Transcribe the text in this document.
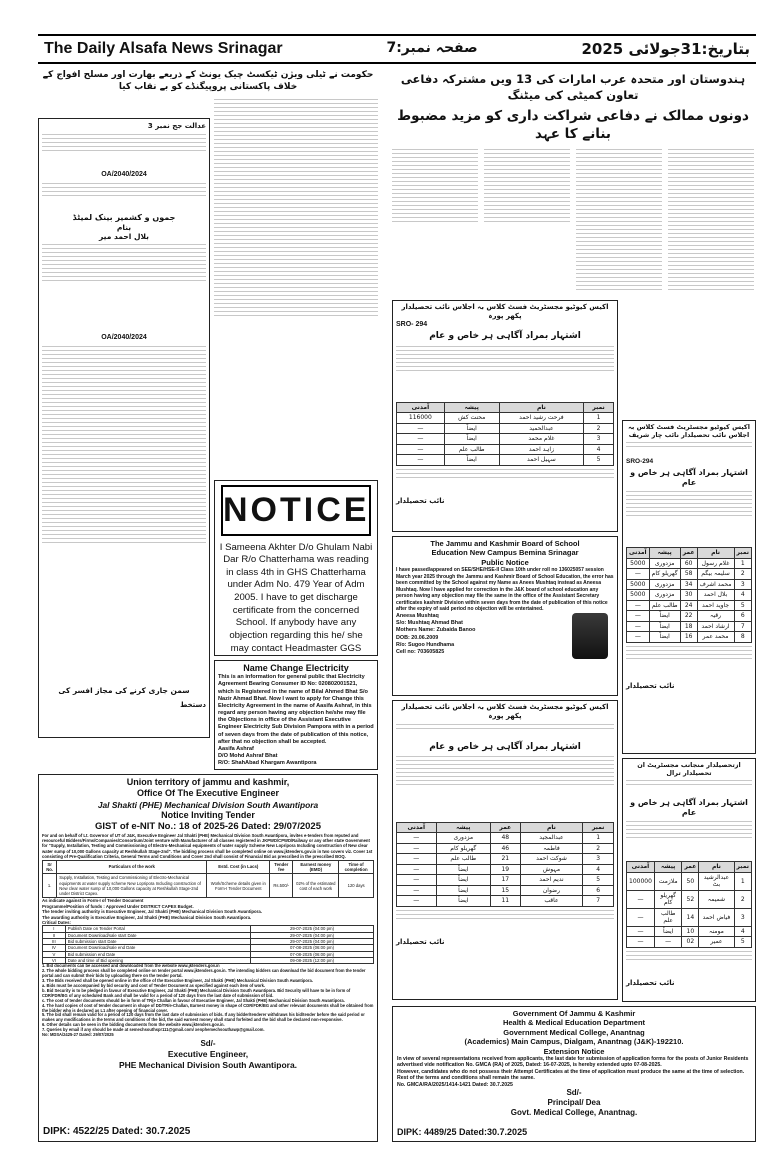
The Daily Alsafa News Srinagar	صفحہ نمبر:7	بتاریخ:31جولائی 2025
حکومت نے ٹیلی ویژن ٹیکسٹ چیک یونٹ کے ذریعے بھارت اور مسلح افواج کے خلاف پاکستانی پروپیگنڈے کو بے نقاب کیا
عدالت جج نمبر 3
OA/2040/2024
جموں و کشمیر بینک لمیٹڈ
بنام
بلال احمد میر
OA/2040/2024
سمن جاری کرنے کی مجاز افسر کی
دستخط
NOTICE
I Sameena Akhter D/o Ghulam Nabi Dar R/o Chatterhama was reading in class 4th in GHS Chatterhama under Adm No. 479 Year of Adm 2005. I have to get discharge certificate from the concerned School. If anybody have any objection regarding this he/ she may contact Headmaster GGS
Name Change Electricity
This is an information for general public that Electricity Agreement Bearing Consumer ID No: 020802001521, which is Registered in the name of Bilal Ahmed Bhat S/o Nazir Ahmad Bhat. Now I want to apply for Change this Electricity Agreement in the name of Aasifa Ashraf, in this regard any person having any objection he/she may file the Objections in office of the Assistant Executive Engineer Electricity Sub Division Pampora with in a period of seven days from the date of publication of this notice, after that no objection shall be accepted.
Aasifa Ashraf
D/O Mohd Ashraf Bhat
R/O: ShahAbad Khargam Awantipora
Union territory of jammu and kashmir,
Office Of The Executive Engineer
Jal Shakti (PHE) Mechanical Division South Awantipora
Notice Inviting Tender
GIST of e-NIT No.: 18 of 2025-26 Dated: 29/07/2025
For and on behalf of Lt. Governor of UT of J&K, Executive Engineer Jal Shakti (PHE) Mechanical Division South Awantipora, invites e-tenders from reputed and resourceful Bidders/Firms/Companies/Consortium/Joint venture with Manufacturer of all classes registered in JKPWD/CPWD/Railway or any other state Government for "Supply, Installation, Testing and Commissioning of Electro-Mechanical equipments of water supply Scheme New Lopripora Including construction of New clear water sump of 10,000 Gallons capacity at Reshkullah Stage-2nd". The bidding process shall be completed online on www.jktenders.gov.in in two covers viz. Cover 1st consisting of Pre-Qualification Criteria, General Terms and Conditions and Cover 2nd shall consist of Financial Bid as prescribed in the prescribed BOQ.
Sr No.	Particulars of the work	Estd. Cost (in Lacs)	Tender fee	Earnest money (EMD)	Time of completion
1.	Supply, Installation, Testing and Commissioning of Electro-Mechanical equipments at water supply scheme New Lopripora Including construction of New clear water sump of 10,000 Gallons capacity at Reshkullah Stage-2nd under District Capex.	Work/Scheme details given in Form-I Tender Document	Rs.500/-	02% of the estimated cost of each work	120 days
As indicate against in Form-I of Tender Document
Programme/Position of funds : Approved Under DISTRICT CAPEX Budget.
The tender inviting authority is Executive Engineer, Jal Shakti (PHE) Mechanical Division South Awantipora.
The awarding authority is Executive Engineer, Jal Shakti (PHE) Mechanical Division South Awantipora.
Critical Dates:
I	Publish Date on Tender Portal	29-07-2025 (04:00 pm)
II	Document Download/sale start Date	29-07-2025 (04:00 pm)
III	Bid submission start Date	29-07-2025 (04:00 pm)
IV	Document Download/sale end Date	07-08-2025 (06:00 pm)
V	Bid submission end Date	07-08-2025 (06:00 pm)
VI	Date and time of Bid opening	09-08-2025 (12:00 pm)
1. Bid documents can be accessed and downloaded from the website www.jktenders.gov.in
2. The whole bidding process shall be completed online on tender portal www.jktenders.gov.in. The intending bidders can download the bid document from the tender portal and can submit their bids by uploading there on the tender portal.
3. The Bids received shall be opened online in the office of the Executive Engineer, Jal Shakti (PHE) Mechanical Division South Awantipora.
a. Bids must be accompanied by bid security and cost of Tender Document as specified against each item of work.
b. Bid Security is to be pledged in favour of Executive Engineer, Jal Shakti (PHE) Mechanical Division South Awantipora. Bid Security will have to be in form of CDR/FDR/BG of any scheduled Bank and shall be valid for a period of 120 days from the last date of submission of bid.
c. The cost of tender documents should be in form of TR(e Challan in favour of Executive Engineer, Jal Shakti (PHE) Mechanical Division South Awantipora.
4. The hard copies of cost of tender document in shape of DD/TR/e-Challan, Earnest money in shape of CDR/FDR/BG and other relevant documents shall be obtained from the bidder who is declared as L1 after opening of financial cover.
5. The bid shall remain valid for a period of 120 days from the last date of submission of bids. If any bidder/tenderer withdraws his bid/tender before the said period or makes any modifications in the terms and conditions of the bid, the said earnest money shall stand forfeited and the bid shall be declared non-responsive.
6. Other details can be seen in the bidding documents from the website www.jktenders.gov.in.
7. Queries by email if any should be made at semechsouthspr111@gmail.com/ xenphemechsouthawp@gmail.com.
No: MDSA/2425-27 Dated: 29/07/2025
Sd/-
Executive Engineer,
PHE Mechanical Division South Awantipora.
DIPK: 4522/25 Dated: 30.7.2025
ہندوستان اور متحدہ عرب امارات کی 13 ویں مشترکہ دفاعی تعاون کمیٹی کی میٹنگ
دونوں ممالک نے دفاعی شراکت داری کو مزید مضبوط بنانے کا عہد
اکیس کیوٹیو مجسٹریٹ فسٹ کلاس بہ اجلاس نائب تحصیلدار پکھر پورہ
SRO- 294
اشتہار بمراد آگاہی ہر خاص و عام
نمبر	نام	پیشہ	آمدنی
1	فرحت رشید احمد	محنت کش	116000
2	عبدالحمید	ایضاً	—
3	غلام محمد	ایضاً	—
4	زاہد احمد	طالب علم	—
5	سہیل احمد	ایضاً	—
نائب تحصیلدار
The Jammu and Kashmir Board of School
Education New Campus Bemina Srinagar
Public Notice
I have passed/appeared on SEE/SHE/HSE-II Class 10th under roll no 136025057 session March year 2025 through the Jammu and Kashmir Board of School Education, the error has been committed by the School against my Name as Anees Mushtaq instead as Aneesa Mushtaq. Now I have applied for correction in the J&K board of school education any person having any objection may file the same in the office of the Assistant Secretary certificates kashmir Division within seven days from the date of publication of this notice after the expiry of said period no objection will be entertained.
Aneesa Mushtaq
S/o: Mushtaq Ahmad Bhat
Mothers Name: Zubaida Banoo
DOB: 20.06.2009
R/o: Sugoo Hundhama
Cell no: 703605825
اکیس کیوٹیو مجسٹریٹ فسٹ کلاس بہ اجلاس نائب تحصیلدار پکھر پورہ
اشتہار بمراد آگاہی ہر خاص و عام
نمبر	نام	عمر	پیشہ	آمدنی
1	عبدالمجید	48	مزدوری	—
2	فاطمہ	46	گھریلو کام	—
3	شوکت احمد	21	طالب علم	—
4	مہوش	19	ایضاً	—
5	ندیم احمد	17	ایضاً	—
6	رضوان	15	ایضاً	—
7	عاقب	11	ایضاً	—
نائب تحصیلدار
اکیس کیوٹیو مجسٹریٹ فسٹ کلاس بہ اجلاس نائب تحصیلدار نائب چار شریف
SRO-294
اشتہار بمراد آگاہی ہر خاص و عام
نمبر	نام	عمر	پیشہ	آمدنی
1	غلام رسول	60	مزدوری	5000
2	سلیمہ بیگم	58	گھریلو کام	—
3	محمد اشرف	34	مزدوری	5000
4	بلال احمد	30	مزدوری	5000
5	جاوید احمد	24	طالب علم	—
6	رقیہ	22	ایضاً	—
7	ارشاد احمد	18	ایضاً	—
8	محمد عمر	16	ایضاً	—
نائب تحصیلدار
ازتحصیلدار منجانب مجسٹریٹ ان تحصیلدار ترال
اشتہار بمراد آگاہی ہر خاص و عام
نمبر	نام	عمر	پیشہ	آمدنی
1	عبدالرشید بٹ	50	ملازمت	100000
2	شمیمہ	52	گھریلو کام	—
3	فیاض احمد	14	طالب علم	—
4	مومنہ	10	ایضاً	—
5	عمیر	02	—	—
نائب تحصیلدار
Government Of Jammu & Kashmir
Health & Medical Education Department
Government Medical College, Anantnag
(Academics) Main Campus, Dialgam, Anantnag (J&K)-192210.
Extension Notice
In view of several representations received from applicants, the last date for submission of application forms for the posts of Junior Residents advertised vide notification No. GMCA (RA) of 2025, Dated: 16-07-2025, is hereby extended upto 07-08-2025.
However, candidates who do not possess their Attempt Certificates at the time of application must produce the same at the time of selection.
Rest of the terms and conditions shall remain the same.
No. GMCA/RA/2025/1414-1421 Dated: 30.7.2025
Sd/-
Principal/ Dea
Govt. Medical College, Anantnag.
DIPK: 4489/25 Dated:30.7.2025
